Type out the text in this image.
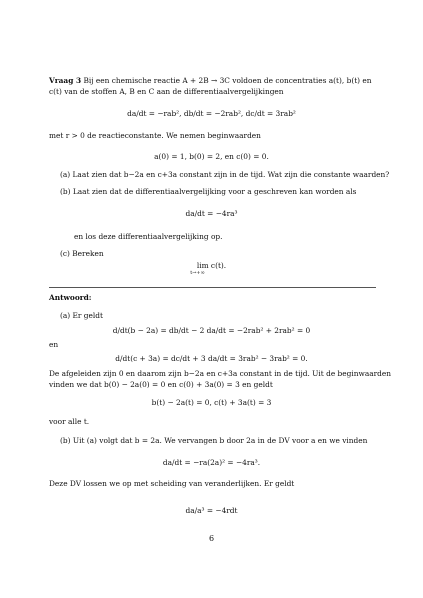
Vraag 3 Bij een chemische reactie A + 2B → 3C voldoen de concentraties a(t), b(t) en
c(t) van de stoffen A, B en C aan de differentiaalvergelijkingen
da/dt = −rab², db/dt = −2rab², dc/dt = 3rab²
met r > 0 de reactieconstante. We nemen beginwaarden
a(0) = 1, b(0) = 2, en c(0) = 0.
(a) Laat zien dat b−2a en c+3a constant zijn in de tijd. Wat zijn die constante waarden?
(b) Laat zien dat de differentiaalvergelijking voor a geschreven kan worden als
da/dt = −4ra³
en los deze differentiaalvergelijking op.
(c) Bereken
lim c(t).
t→+∞
Antwoord:
(a) Er geldt
d/dt(b − 2a) = db/dt − 2 da/dt = −2rab² + 2rab² = 0
en
d/dt(c + 3a) = dc/dt + 3 da/dt = 3rab² − 3rab² = 0.
De afgeleiden zijn 0 en daarom zijn b−2a en c+3a constant in de tijd. Uit de beginwaarden
vinden we dat b(0) − 2a(0) = 0 en c(0) + 3a(0) = 3 en geldt
b(t) − 2a(t) = 0, c(t) + 3a(t) = 3
voor alle t.
(b) Uit (a) volgt dat b = 2a. We vervangen b door 2a in de DV voor a en we vinden
da/dt = −ra(2a)² = −4ra³.
Deze DV lossen we op met scheiding van veranderlijken. Er geldt
da/a³ = −4rdt
6
